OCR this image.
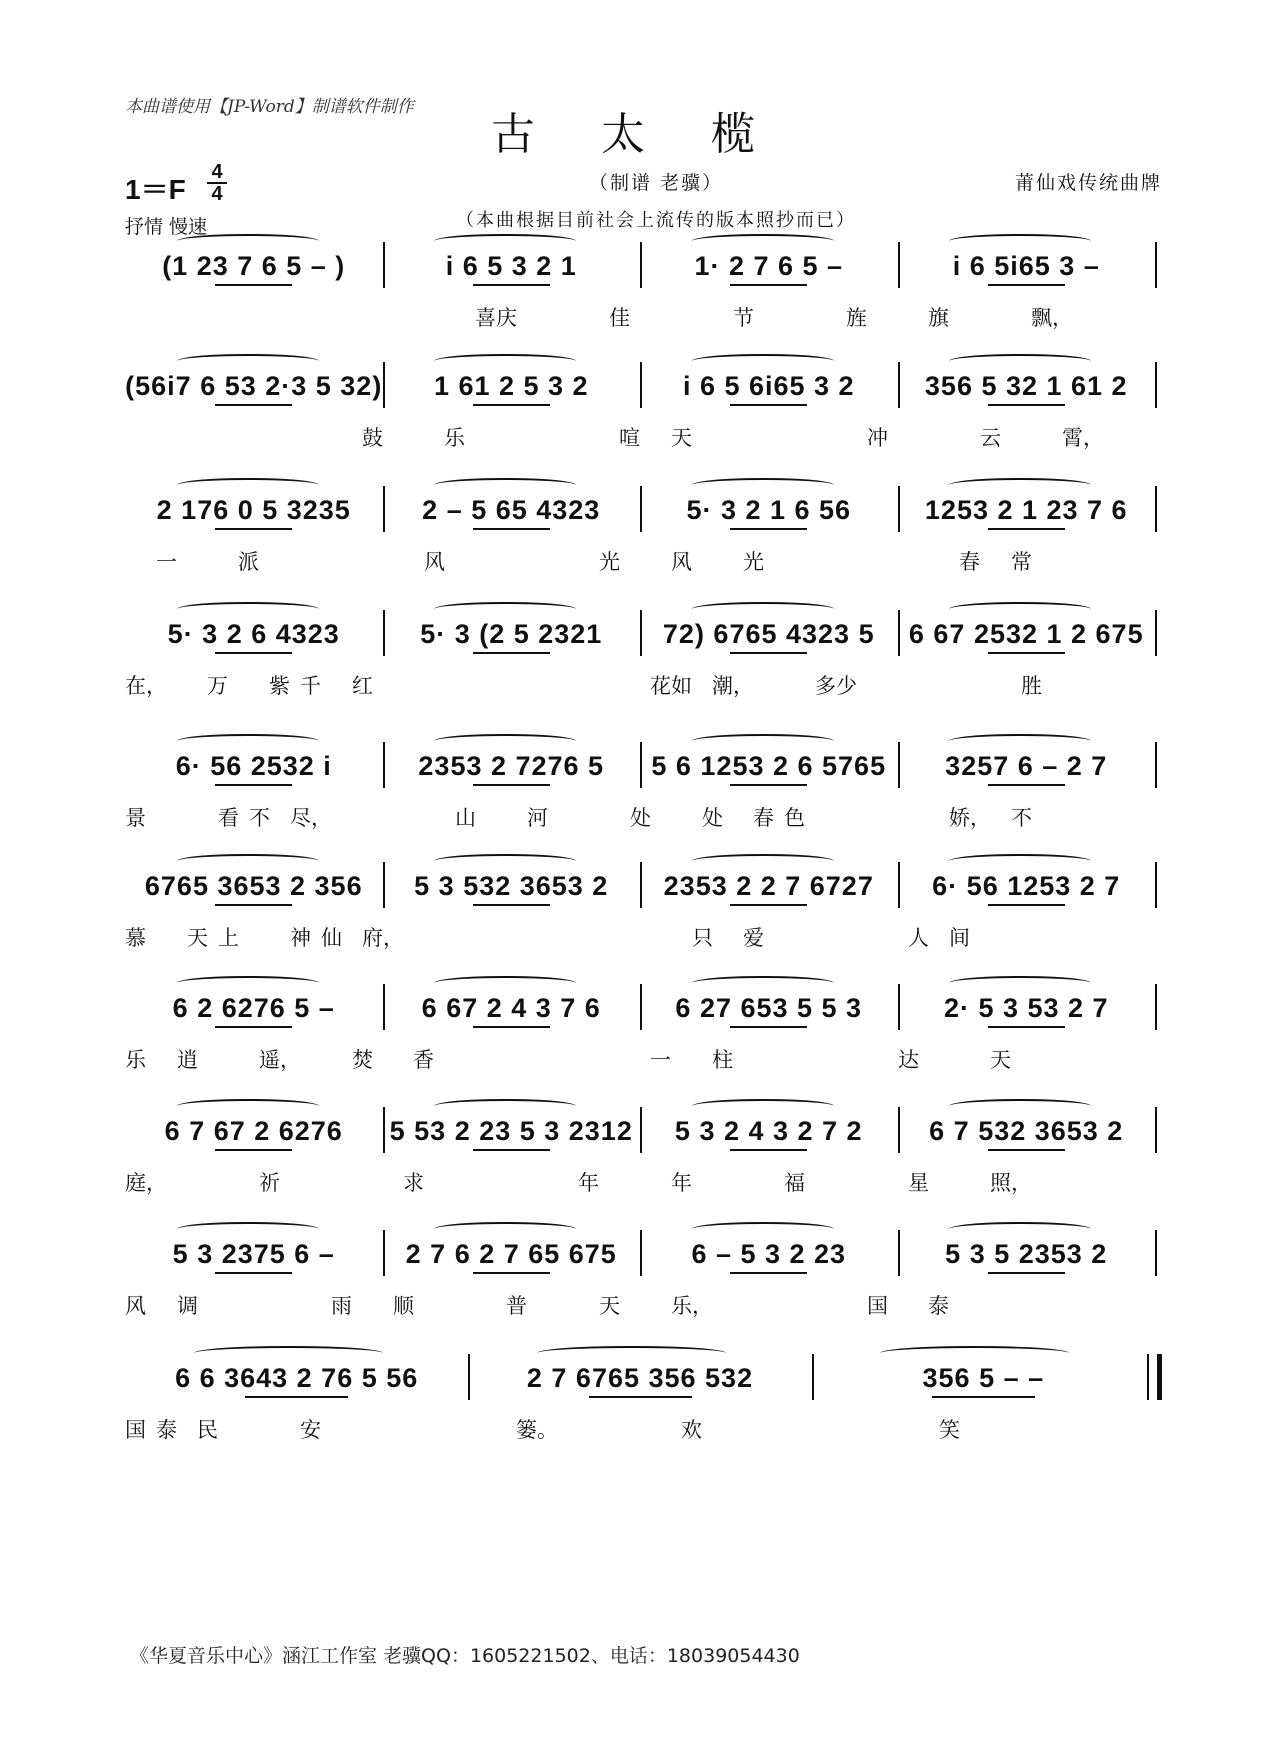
本曲谱使用【JP-Word】制谱软件制作
古 太 榄
1＝F
4
4
抒情 慢速
（制谱 老骥）	莆仙戏传统曲牌
（本曲根据目前社会上流传的版本照抄而已）
(1 23 7 6 5 – )	i 6 5 3 2 1	1· 2 7 6 5 –	i 6 5i65 3 –
喜庆	佳	节	旌	旗	飘，
(56i7 6 53 2·3 5 32)	1 61 2 5 3 2	i 6 5 6i65 3 2	356 5 32 1 61 2
鼓	乐	喧 天	冲	云	霄，
2 176 0 5 3235	2 – 5 65 4323	5· 3 2 1 6 56	1253 2 1 23 7 6
一	派	风	光 风 光	春 常
5· 3 2 6 4323	5· 3 (2 5 2321	72) 6765 4323 5	6 67 2532 1 2 675
在， 万 紫 千 红	花如 潮，	多少	胜
6· 56 2532 i	2353 2 7276 5	5 6 1253 2 6 5765	3257 6 – 2 7
景	看 不 尽，	山 河	处 处 春 色	娇， 不
6765 3653 2 356	5 3 532 3653 2	2353 2 2 7 6727	6· 56 1253 2 7
慕 天 上 神 仙 府，	只 爱	人 间
6 2 6276 5 –	6 67 2 4 3 7 6	6 27 653 5 5 3	2· 5 3 53 2 7
乐 逍	遥， 焚 香	一 柱	达	天
6 7 67 2 6276	5 53 2 23 5 3 2312	5 3 2 4 3 2 7 2	6 7 532 3653 2
庭，	祈	求	年	年	福	星	照，
5 3 2375 6 –	2 7 6 2 7 65 675	6 – 5 3 2 23	5 3 5 2353 2
风 调	雨 顺	普	天 乐，	国 泰
6 6 3643 2 76 5 56	2 7 6765 356 532	356 5 – –
国 泰 民	安	篓。	欢	笑
《华夏音乐中心》涵江工作室 老骥QQ：1605221502、电话：18039054430
